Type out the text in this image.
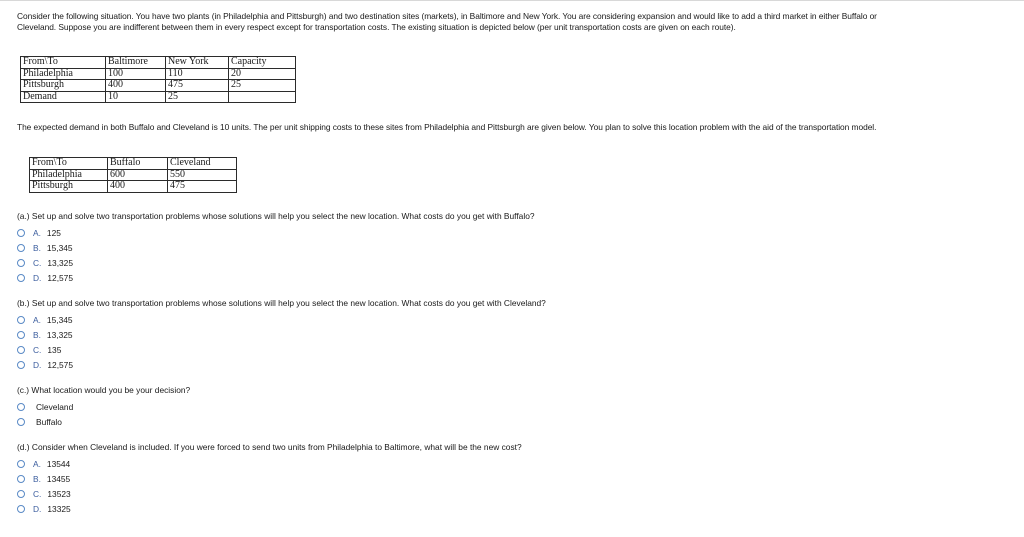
Consider the following situation. You have two plants (in Philadelphia and Pittsburgh) and two destination sites (markets), in Baltimore and New York. You are considering expansion and would like to add a third market in either Buffalo or Cleveland. Suppose you are indifferent between them in every respect except for transportation costs. The existing situation is depicted below (per unit transportation costs are given on each route).
From\To	Baltimore	New York	Capacity
Philadelphia	100	110	20
Pittsburgh	400	475	25
Demand	10	25	
The expected demand in both Buffalo and Cleveland is 10 units. The per unit shipping costs to these sites from Philadelphia and Pittsburgh are given below. You plan to solve this location problem with the aid of the transportation model.
From\To	Buffalo	Cleveland
Philadelphia	600	550
Pittsburgh	400	475
(a.) Set up and solve two transportation problems whose solutions will help you select the new location. What costs do you get with Buffalo?
A. 125
B. 15,345
C. 13,325
D. 12,575
(b.) Set up and solve two transportation problems whose solutions will help you select the new location. What costs do you get with Cleveland?
A. 15,345
B. 13,325
C. 135
D. 12,575
(c.) What location would you be your decision?
Cleveland
Buffalo
(d.) Consider when Cleveland is included. If you were forced to send two units from Philadelphia to Baltimore, what will be the new cost?
A. 13544
B. 13455
C. 13523
D. 13325
